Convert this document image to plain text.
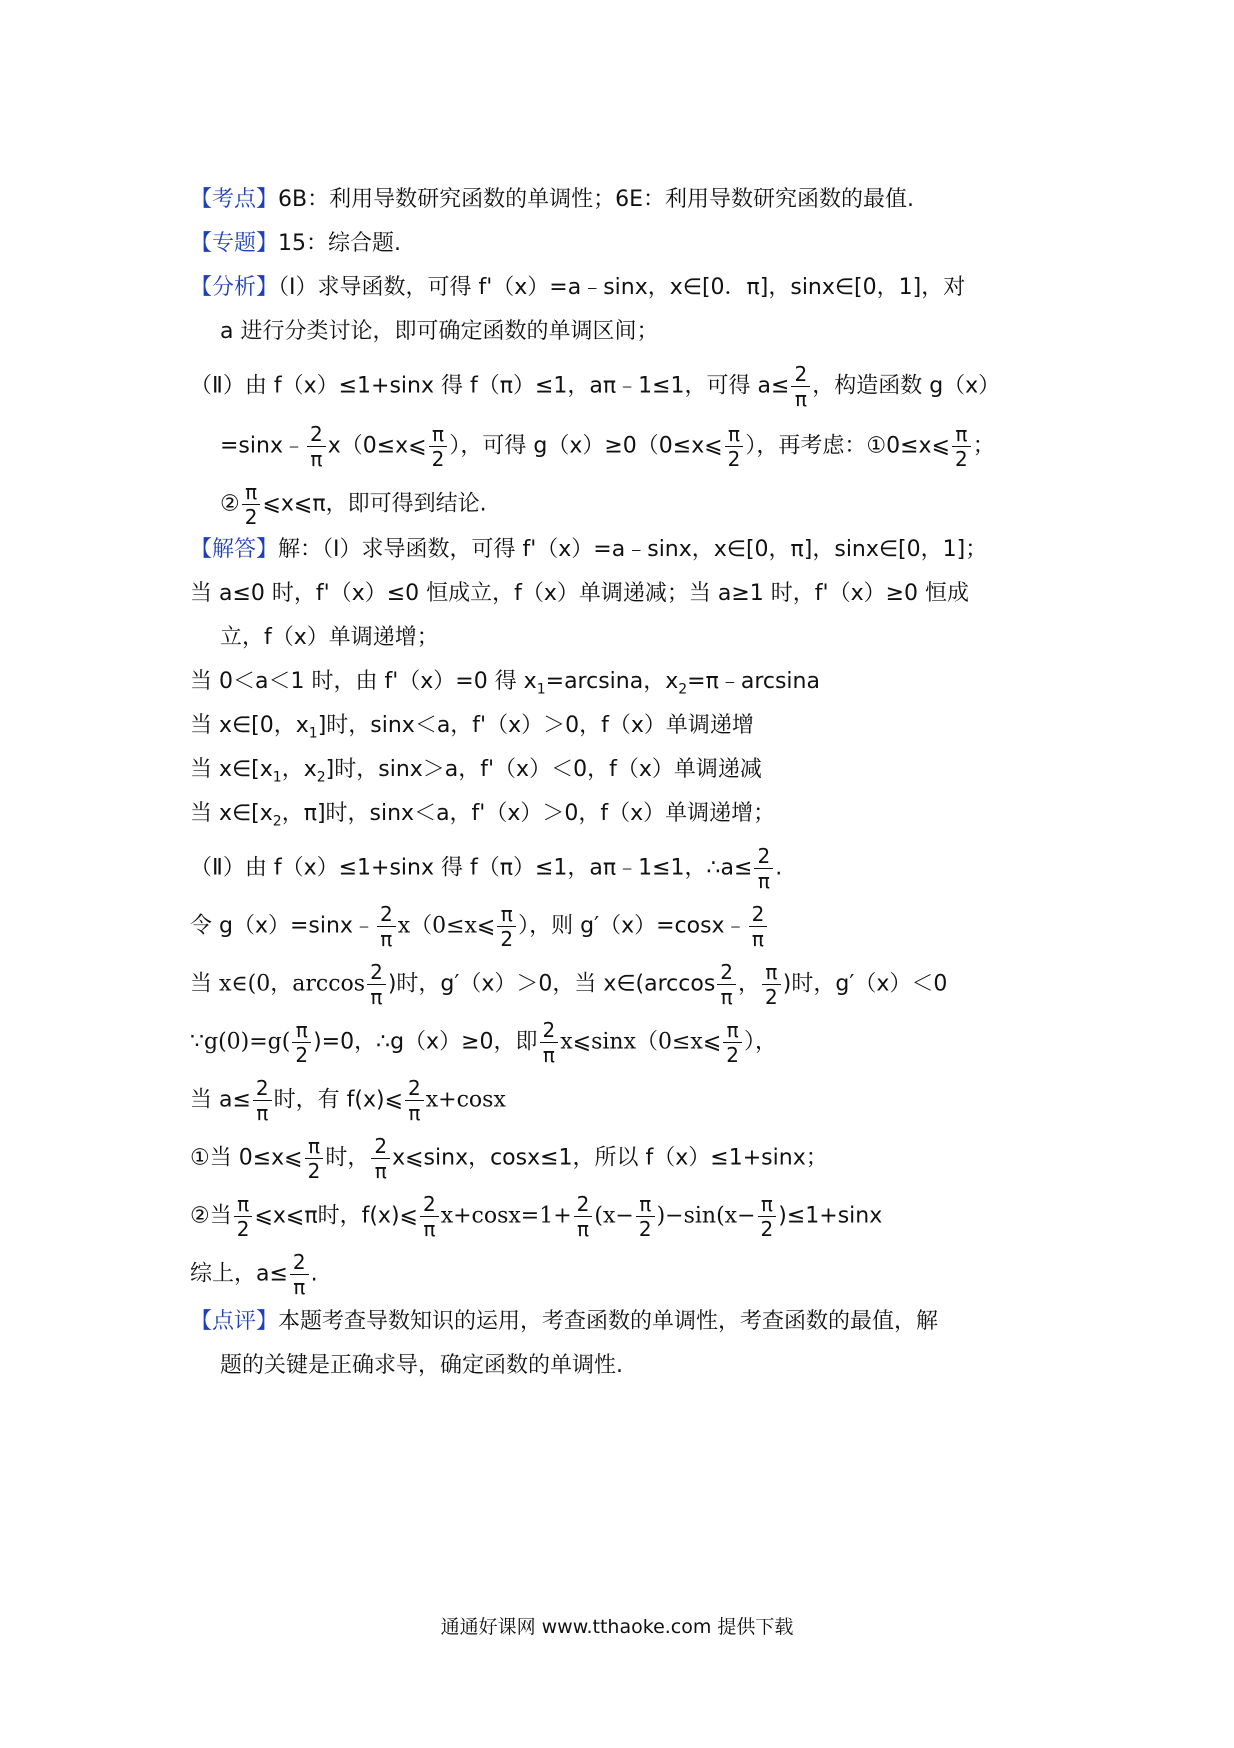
【考点】6B：利用导数研究函数的单调性；6E：利用导数研究函数的最值.
【专题】15：综合题.
【分析】（Ⅰ）求导函数，可得 f'（x）=a﹣sinx，x∈[0．π]，sinx∈[0，1]，对
a 进行分类讨论，即可确定函数的单调区间；
（Ⅱ）由 f（x）≤1+sinx 得 f（π）≤1，aπ﹣1≤1，可得 $a\le \frac{2}{\pi}$ ，构造函数 g（x）
=sinx﹣ $\frac{2}{\pi}$ x（0≤x⩽ $\frac{\pi}{2}$ ），可得 g（x）≥0（0≤x⩽ $\frac{\pi}{2}$ ），再考虑：①0≤x⩽ $\frac{\pi}{2}$ ；
② $\frac{\pi}{2}$ ⩽x⩽π，即可得到结论.
【解答】解：（Ⅰ）求导函数，可得 f'（x）=a﹣sinx，x∈[0，π]，sinx∈[0，1]；
当 a≤0 时，f'（x）≤0 恒成立，f（x）单调递减；当 a≥1 时，f'（x）≥0 恒成
立，f（x）单调递增；
当 0＜a＜1 时，由 f'（x）=0 得 $x_1=\arcsin a$，$x_2=\pi﹣\arcsin a$
当 x∈[0，$x_1$]时，sinx＜a，f'（x）＞0，f（x）单调递增
当 $x\in[x_1$，$x_2$]时，sinx＞a，f'（x）＜0，f（x）单调递减
当 $x\in[x_2$，π]时，sinx＜a，f'（x）＞0，f（x）单调递增；
（Ⅱ）由 f（x）≤1+sinx 得 f（π）≤1，aπ﹣1≤1，∴a≤ $\frac{2}{\pi}$ .
令 g（x）=sinx﹣ $\frac{2}{\pi}$ x（0≤x⩽ $\frac{\pi}{2}$ ），则 g′（x）=cosx﹣ $\frac{2}{\pi}$
当 x∈(0，$\arccos \frac{2}{\pi}$ )时，g′（x）＞0，当 x∈(arccos $\frac{2}{\pi}$ ， $\frac{\pi}{2}$ )时，g′（x）＜0
∵g(0)=g( $\frac{\pi}{2} )=0$，∴g（x）≥0，即 $\frac{2}{\pi}$ x⩽sinx（0≤x⩽ $\frac{\pi}{2}$ ），
当 $a\le \frac{2}{\pi}$ 时，有 f(x)⩽ $\frac{2}{\pi} x+\cos x$
①当 0≤x⩽ $\frac{\pi}{2}$ 时， $\frac{2}{\pi}$ x⩽sinx，cosx≤1，所以 f（x）≤1+sinx；
②当 $\frac{\pi}{2}$ ⩽x⩽π时，f(x)⩽ $\frac{2}{\pi} x+\cos x=1+ \frac{2}{\pi} (x- \frac{\pi}{2} )-\sin(x- \frac{\pi}{2} )\le 1+\sin x$
综上，$a\le \frac{2}{\pi}$ .
【点评】本题考查导数知识的运用，考查函数的单调性，考查函数的最值，解
题的关键是正确求导，确定函数的单调性.
通通好课网 www.tthaoke.com 提供下载
